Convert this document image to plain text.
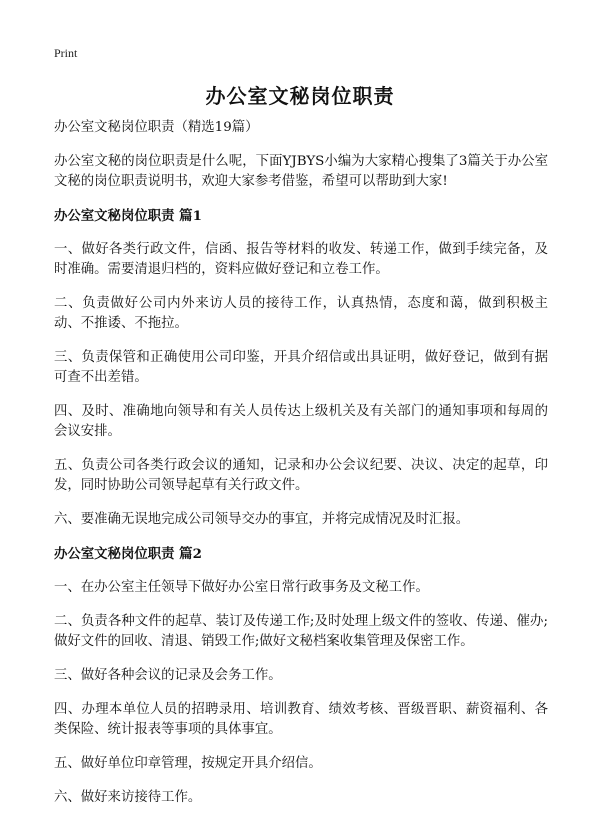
Print
办公室文秘岗位职责

办公室文秘岗位职责（精选19篇）

办公室文秘的岗位职责是什么呢，下面YJBYS小编为大家精心搜集了3篇关于办公室文秘的岗位职责说明书，欢迎大家参考借鉴，希望可以帮助到大家!

办公室文秘岗位职责 篇1

一、做好各类行政文件，信函、报告等材料的收发、转递工作，做到手续完备，及时准确。需要清退归档的，资料应做好登记和立卷工作。

二、负责做好公司内外来访人员的接待工作，认真热情，态度和蔼，做到积极主动、不推诿、不拖拉。

三、负责保管和正确使用公司印鉴，开具介绍信或出具证明，做好登记，做到有据可查不出差错。

四、及时、准确地向领导和有关人员传达上级机关及有关部门的通知事项和每周的会议安排。

五、负责公司各类行政会议的通知，记录和办公会议纪要、决议、决定的起草，印发，同时协助公司领导起草有关行政文件。

六、要准确无误地完成公司领导交办的事宜，并将完成情况及时汇报。

办公室文秘岗位职责 篇2

一、在办公室主任领导下做好办公室日常行政事务及文秘工作。

二、负责各种文件的起草、装订及传递工作;及时处理上级文件的签收、传递、催办;做好文件的回收、清退、销毁工作;做好文秘档案收集管理及保密工作。

三、做好各种会议的记录及会务工作。

四、办理本单位人员的招聘录用、培训教育、绩效考核、晋级晋职、薪资福利、各类保险、统计报表等事项的具体事宜。

五、做好单位印章管理，按规定开具介绍信。

六、做好来访接待工作。
